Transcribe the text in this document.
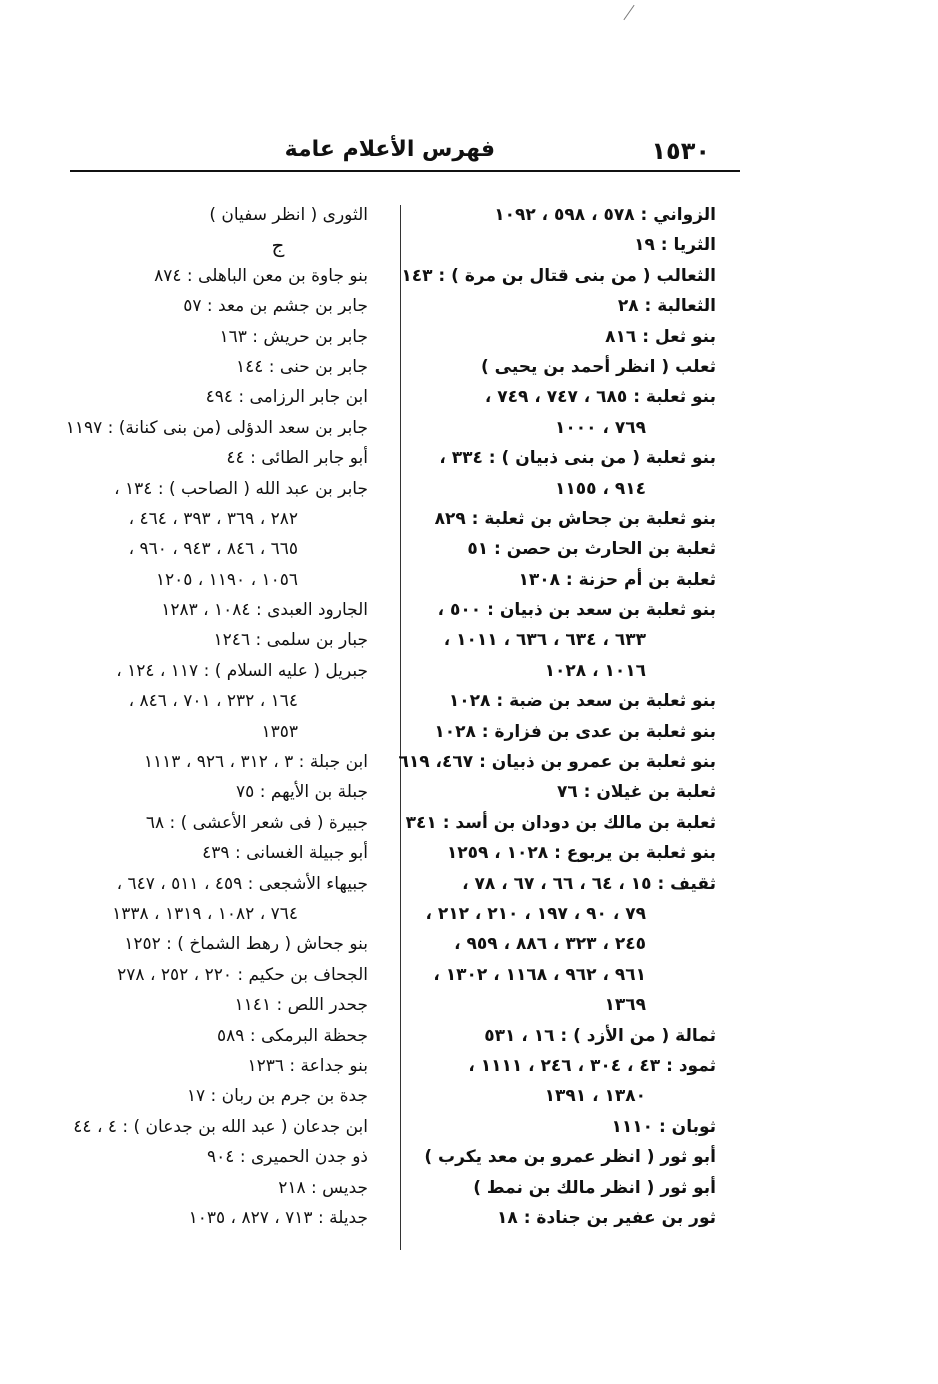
فهرس الأعلام عامة	١٥٣٠
الزواني : ٥٧٨ ، ٥٩٨ ، ١٠٩٢
الثريا : ١٩
الثعالب ( من بنى قتال بن مرة ) : ١٤٣
الثعالبة : ٢٨
بنو ثعل : ٨١٦
ثعلب ( انظر أحمد بن يحيى )
بنو ثعلبة : ٦٨٥ ، ٧٤٧ ، ٧٤٩ ،
٧٦٩ ، ١٠٠٠
بنو ثعلبة ( من بنى ذبيان ) : ٣٣٤ ،
٩١٤ ، ١١٥٥
بنو ثعلبة بن جحاش بن ثعلبة : ٨٢٩
ثعلبة بن الحارث بن حصن : ٥١
ثعلبة بن أم حزنة : ١٣٠٨
بنو ثعلبة بن سعد بن ذبيان : ٥٠٠ ،
٦٣٣ ، ٦٣٤ ، ٦٣٦ ، ١٠١١ ،
١٠١٦ ، ١٠٢٨
بنو ثعلبة بن سعد بن ضبة : ١٠٢٨
بنو ثعلبة بن عدى بن فزارة : ١٠٢٨
بنو ثعلبة بن عمرو بن ذبيان : ٤٦٧، ٦١٩
ثعلبة بن غيلان : ٧٦
ثعلبة بن مالك بن دودان بن أسد : ٣٤١
بنو ثعلبة بن يربوع : ١٠٢٨ ، ١٢٥٩
ثقيف : ١٥ ، ٦٤ ، ٦٦ ، ٦٧ ، ٧٨ ،
٧٩ ، ٩٠ ، ١٩٧ ، ٢١٠ ، ٢١٢ ،
٢٤٥ ، ٣٢٣ ، ٨٨٦ ، ٩٥٩ ،
٩٦١ ، ٩٦٢ ، ١١٦٨ ، ١٣٠٢ ،
١٣٦٩
ثمالة ( من الأزد ) : ١٦ ، ٥٣١
ثمود : ٤٣ ، ٣٠٤ ، ٢٤٦ ، ١١١١ ،
١٣٨٠ ، ١٣٩١
ثوبان : ١١١٠
أبو ثور ( انظر عمرو بن معد يكرب )
أبو ثور ( انظر مالك بن نمط )
ثور بن عفير بن جنادة : ١٨
الثورى ( انظر سفيان )
ج
بنو جاوة بن معن الباهلى : ٨٧٤
جابر بن جشم بن معد : ٥٧
جابر بن حريش : ١٦٣
جابر بن حنى : ١٤٤
ابن جابر الرزامى : ٤٩٤
جابر بن سعد الدؤلى (من بنى كنانة) : ١١٩٧
أبو جابر الطائى : ٤٤
جابر بن عبد الله ( الصاحب ) : ١٣٤ ،
٢٨٢ ، ٣٦٩ ، ٣٩٣ ، ٤٦٤ ،
٦٦٥ ، ٨٤٦ ، ٩٤٣ ، ٩٦٠ ،
١٠٥٦ ، ١١٩٠ ، ١٢٠٥
الجارود العبدى : ١٠٨٤ ، ١٢٨٣
جبار بن سلمى : ١٢٤٦
جبريل ( عليه السلام ) : ١١٧ ، ١٢٤ ،
١٦٤ ، ٢٣٢ ، ٧٠١ ، ٨٤٦ ،
١٣٥٣
ابن جبلة : ٣ ، ٣١٢ ، ٩٢٦ ، ١١١٣
جبلة بن الأيهم : ٧٥
جبيرة ( فى شعر الأعشى ) : ٦٨
أبو جبيلة الغسانى : ٤٣٩
جبيهاء الأشجعى : ٤٥٩ ، ٥١١ ، ٦٤٧ ،
٧٦٤ ، ١٠٨٢ ، ١٣١٩ ، ١٣٣٨
بنو جحاش ( رهط الشماخ ) : ١٢٥٢
الجحاف بن حكيم : ٢٢٠ ، ٢٥٢ ، ٢٧٨
جحدر اللص : ١١٤١
جحظة البرمكى : ٥٨٩
بنو جداعة : ١٢٣٦
جدة بن جرم بن ربان : ١٧
ابن جدعان ( عبد الله بن جدعان ) : ٤ ، ٤٤
ذو جدن الحميرى : ٩٠٤
جديس : ٢١٨
جديلة : ٧١٣ ، ٨٢٧ ، ١٠٣٥
